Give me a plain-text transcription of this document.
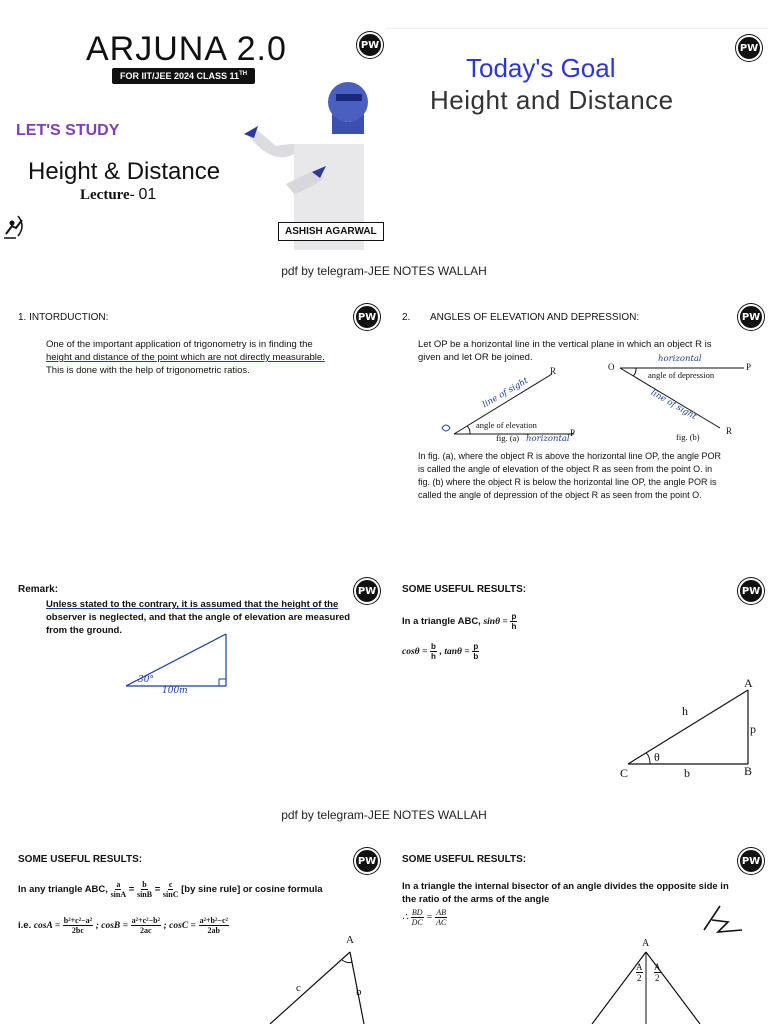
ARJUNA 2.0	PW
FOR IIT/JEE 2024 CLASS 11TH
LET'S STUDY
Height & Distance
Lecture- 01
ASHISH AGARWAL
Today's Goal
Height and Distance
PW
pdf by telegram-JEE NOTES WALLAH
1. INTORDUCTION:	PW
One of the important application of trigonometry is in finding the
height and distance of the point which are not directly measurable.
This is done with the help of trigonometric ratios.
2. ANGLES OF ELEVATION AND DEPRESSION:	PW
Let OP be a horizontal line in the vertical plane in which an object R is
given and let OR be joined.
R
P
angle of elevation
fig. (a)
line of sight
horizontal
O	P
R
angle of depression
fig. (b)
horizontal
line of sight
In fig. (a), where the object R is above the horizontal line OP, the angle POR
is called the angle of elevation of the object R as seen from the point O. in
fig. (b) where the object R is below the horizontal line OP, the angle POR is
called the angle of depression of the object R as seen from the point O.
Remark:	PW
Unless stated to the contrary, it is assumed that the height of the
observer is neglected, and that the angle of elevation are measured
from the ground.
30°
100m
SOME USEFUL RESULTS:	PW
In a triangle ABC, $\sin\theta = \frac{p}{h}$
$\cos\theta = \frac{b}{h}$ , $\tan\theta = \frac{p}{b}$
A
B
C
h
p
b
θ
pdf by telegram-JEE NOTES WALLAH
SOME USEFUL RESULTS:	PW
In any triangle ABC, $\frac{a}{\sin A} = \frac{b}{\sin B} = \frac{c}{\sin C} [by$ sine rule] or cosine formula
i.e. $\cos A = \frac{\text{b²+c²−a²}}{2bc}$ ; $\cos B = \frac{\text{a²+c²−b²}}{2ac}$ ; $\cos C = \frac{\text{a²+b²−c²}}{2ab}$
A
c	b
SOME USEFUL RESULTS:	PW
In a triangle the internal bisector of an angle divides the opposite side in
the ratio of the arms of the angle
∴ $\frac{BD}{DC} = \frac{AB}{AC}$
A
$\frac{A}{2} \frac{A}{2}$
